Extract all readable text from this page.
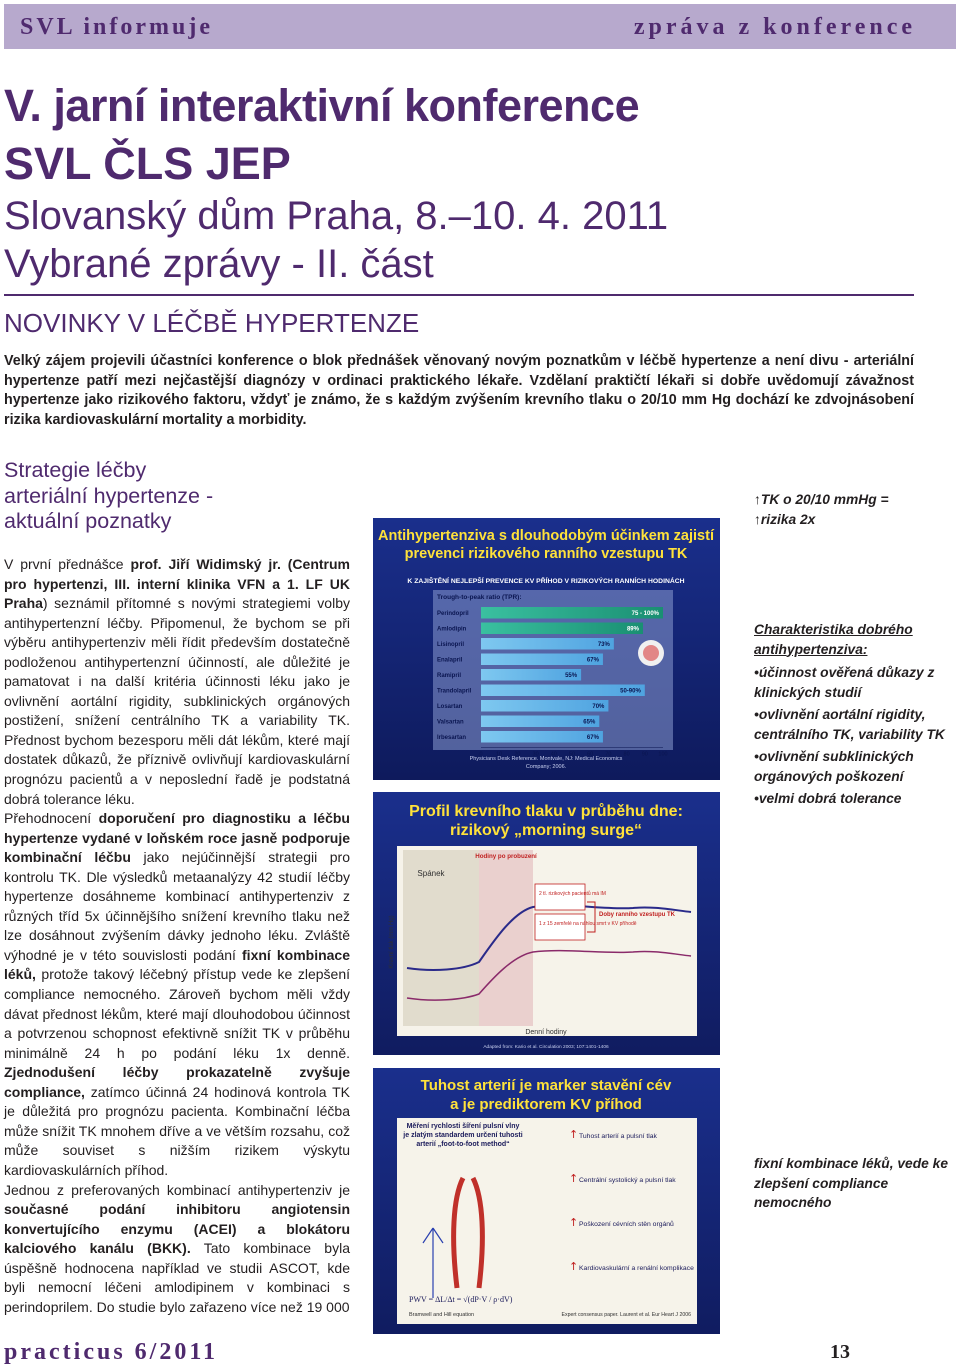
SVL informuje	zpráva z konference
V. jarní interaktivní konference
SVL ČLS JEP
Slovanský dům Praha, 8.–10. 4. 2011
Vybrané zprávy - II. část
NOVINKY V LÉČBĚ HYPERTENZE
Velký zájem projevili účastníci konference o blok přednášek věnovaný novým poznatkům v léčbě hypertenze a není divu - arteriální hypertenze patří mezi nejčastější diagnózy v ordinaci praktického lékaře. Vzdělaní praktičtí lékaři si dobře uvědomují závažnost hypertenze jako rizikového faktoru, vždyť je známo, že s každým zvýšením krevního tlaku o 20/10 mm Hg dochází ke zdvojnásobení rizika kardiovaskulární mortality a morbidity.
Strategie léčby
arteriální hypertenze -
aktuální poznatky
V první přednášce prof. Jiří Widimský jr. (Centrum pro hypertenzi, III. interní klinika VFN a 1. LF UK Praha) seznámil přítomné s novými strategiemi volby antihypertenzní léčby. Připomenul, že bychom se při výběru antihypertenziv měli řídit především dostatečně podloženou antihypertenzní účinností, ale důležité je pamatovat i na další kritéria účinnosti léku jako je ovlivnění aortální rigidity, subklinických orgánových postižení, snížení centrálního TK a variability TK. Přednost bychom bezesporu měli dát lékům, které mají dostatek důkazů, že příznivě ovlivňují kardiovaskulární prognózu pacientů a v neposlední řadě je podstatná dobrá tolerance léku.
Přehodnocení doporučení pro diagnostiku a léčbu hypertenze vydané v loňském roce jasně podporuje kombinační léčbu jako nejúčinnější strategii pro kontrolu TK. Dle výsledků metaanalýzy 42 studií léčby hypertenze dosáhneme kombinací antihypertenziv z různých tříd 5x účinnějšího snížení krevního tlaku než lze dosáhnout zvýšením dávky jednoho léku. Zvláště výhodné je v této souvislosti podání fixní kombinace léků, protože takový léčebný přístup vede ke zlepšení compliance nemocného. Zároveň bychom měli vždy dávat přednost lékům, které mají dlouhodobou účinnost a potvrzenou schopnost efektivně snížit TK v průběhu minimálně 24 h po podání léku 1x denně. Zjednodušení léčby prokazatelně zvyšuje compliance, zatímco účinná 24 hodinová kontrola TK je důležitá pro prognózu pacienta. Kombinační léčba může snížit TK mnohem dříve a ve větším rozsahu, což může souviset s nižším rizikem výskytu kardiovaskulárních příhod.
Jednou z preferovaných kombinací antihypertenziv je současné podání inhibitoru angiotensin konvertujícího enzymu (ACEI) a blokátoru kalciového kanálu (BKK). Tato kombinace byla úspěšně hodnocena například ve studii ASCOT, kde byli nemocní léčeni amlodipinem v kombinaci s perindoprilem. Do studie bylo zařazeno více než 19 000
Antihypertenziva s dlouhodobým účinkem zajistí
prevenci rizikového ranního vzestupu TK
K ZAJIŠTĚNÍ NEJLEPŠÍ PREVENCE KV PŘÍHOD V RIZIKOVÝCH RANNÍCH HODINÁCH
Trough-to-peak ratio (TPR):
Perindopril	75 - 100%
Amlodipin	89%
Lisinopril	73%
Enalapril	67%
Ramipril	55%
Trandolapril	50-90%
Losartan	70%
Valsartan	65%
Irbesartan	67%
0 10 20 30 40 50 60 70 80 90 100
Physicians Desk Reference. Montvale, NJ: Medical Economics
Company; 2006.
Profil krevního tlaku v průběhu dne:
rizikový „morning surge“
Hodiny po probuzení
Spánek
2 tl. rizikových pacientů má IM
1 z 15 zemřelé na náhlou smrt v KV příhodě
Doby ranního vzestupu TK
Denní hodiny
Krevní tlak (mm Hg)
Adapted from: Kario et al. Circulation 2003; 107:1401-1406
Tuhost arterií je marker stavění cév
a je prediktorem KV příhod
Měření rychlosti šíření pulsní vlny je zlatým standardem určení tuhosti arterií „foot-to-foot method“
↑ Tuhost arterií a pulsní tlak
↑ Centrální systolický a pulsní tlak
↑ Poškození cévních stěn orgánů
↑ Kardiovaskulární a renální komplikace
PWV = ΔL/Δt = √(dP·V / ρ·dV)
Bramwell and Hill equation	Expert consensus paper. Laurent et al. Eur Heart J 2006
↑TK o 20/10 mmHg =
↑rizika 2x
Charakteristika dobrého antihypertenziva:
•účinnost ověřená důkazy z klinických studií
•ovlivnění aortální rigidity, centrálního TK, variability TK
•ovlivnění subklinických orgánových poškození
•velmi dobrá tolerance
fixní kombinace léků, vede ke zlepšení compliance nemocného
practicus 6/2011	13
